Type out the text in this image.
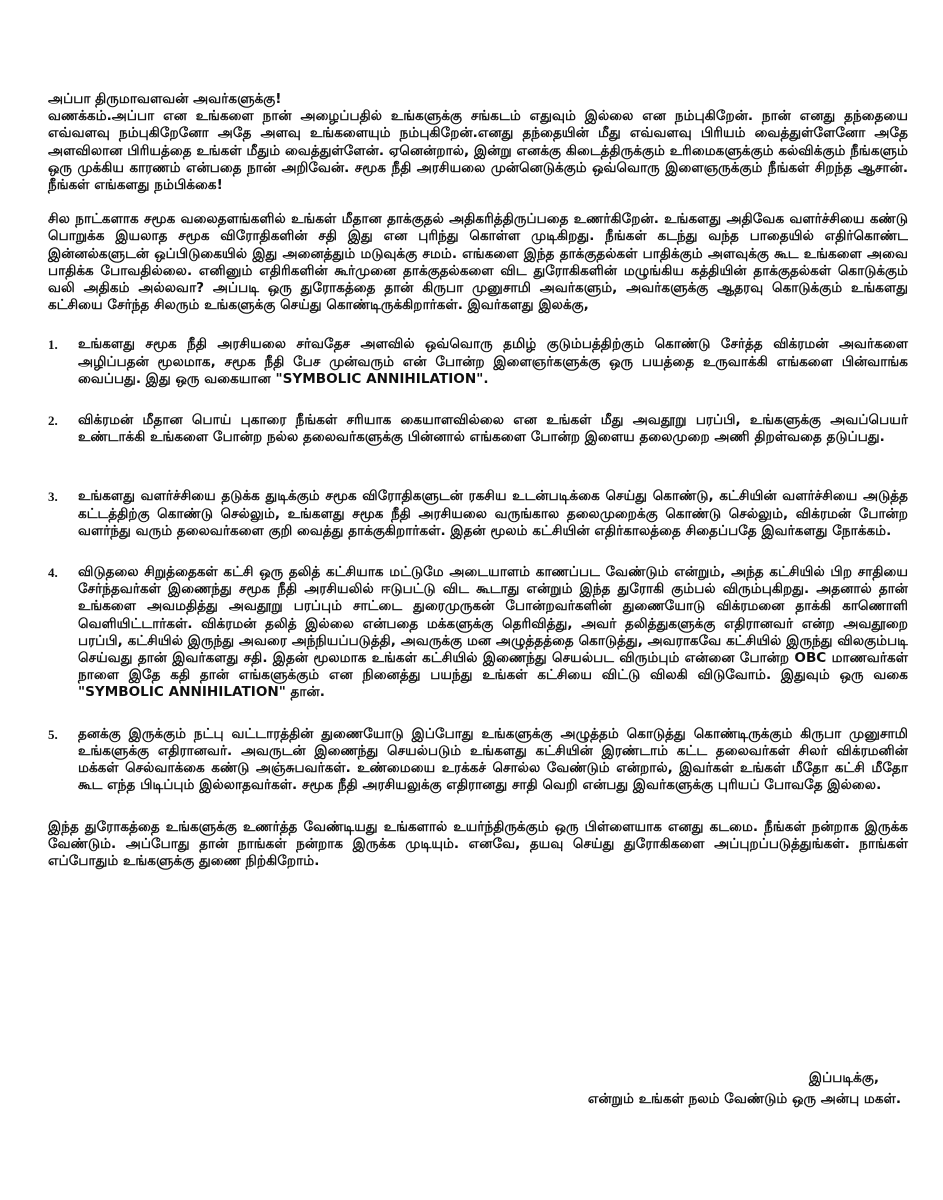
அப்பா திருமாவளவன் அவர்களுக்கு!

வணக்கம்.அப்பா என உங்களை நான் அழைப்பதில் உங்களுக்கு சங்கடம் எதுவும் இல்லை என நம்புகிறேன். நான் எனது தந்தையை எவ்வளவு நம்புகிறேனோ அதே அளவு உங்களையும் நம்புகிறேன்.எனது தந்தையின் மீது எவ்வளவு பிரியம் வைத்துள்ளேனோ அதே அளவிலான பிரியத்தை உங்கள் மீதும் வைத்துள்ளேன். ஏனென்றால், இன்று எனக்கு கிடைத்திருக்கும் உரிமைகளுக்கும் கல்விக்கும் நீங்களும் ஒரு முக்கிய காரணம் என்பதை நான் அறிவேன். சமூக நீதி அரசியலை முன்னெடுக்கும் ஒவ்வொரு இளைஞருக்கும் நீங்கள் சிறந்த ஆசான். நீங்கள் எங்களது நம்பிக்கை!

சில நாட்களாக சமூக வலைதளங்களில் உங்கள் மீதான தாக்குதல் அதிகரித்திருப்பதை உணர்கிறேன். உங்களது அதிவேக வளர்ச்சியை கண்டு பொறுக்க இயலாத சமூக விரோதிகளின் சதி இது என புரிந்து கொள்ள முடிகிறது. நீங்கள் கடந்து வந்த பாதையில் எதிர்கொண்ட இன்னல்களுடன் ஒப்பிடுகையில் இது அனைத்தும் மடுவுக்கு சமம். எங்களை இந்த தாக்குதல்கள் பாதிக்கும் அளவுக்கு கூட உங்களை அவை பாதிக்க போவதில்லை. எனினும் எதிரிகளின் கூர்முனை தாக்குதல்களை விட துரோகிகளின் மழுங்கிய கத்தியின் தாக்குதல்கள் கொடுக்கும் வலி அதிகம் அல்லவா? அப்படி ஒரு துரோகத்தை தான் கிருபா முனுசாமி அவர்களும், அவர்களுக்கு ஆதரவு கொடுக்கும் உங்களது கட்சியை சேர்ந்த சிலரும் உங்களுக்கு செய்து கொண்டிருக்கிறார்கள். இவர்களது இலக்கு,

1.	உங்களது சமூக நீதி அரசியலை சர்வதேச அளவில் ஒவ்வொரு தமிழ் குடும்பத்திற்கும் கொண்டு சேர்த்த விக்ரமன் அவர்களை அழிப்பதன் மூலமாக, சமூக நீதி பேச முன்வரும் என் போன்ற இளைஞர்களுக்கு ஒரு பயத்தை உருவாக்கி எங்களை பின்வாங்க வைப்பது. இது ஒரு வகையான "SYMBOLIC ANNIHILATION".

2.	விக்ரமன் மீதான பொய் புகாரை நீங்கள் சரியாக கையாளவில்லை என உங்கள் மீது அவதூறு பரப்பி, உங்களுக்கு அவப்பெயர் உண்டாக்கி உங்களை போன்ற நல்ல தலைவர்களுக்கு பின்னால் எங்களை போன்ற இளைய தலைமுறை அணி திறள்வதை தடுப்பது.

3.	உங்களது வளர்ச்சியை தடுக்க துடிக்கும் சமூக விரோதிகளுடன் ரகசிய உடன்படிக்கை செய்து கொண்டு, கட்சியின் வளர்ச்சியை அடுத்த கட்டத்திற்கு கொண்டு செல்லும், உங்களது சமூக நீதி அரசியலை வருங்கால தலைமுறைக்கு கொண்டு செல்லும், விக்ரமன் போன்ற வளர்ந்து வரும் தலைவர்களை குறி வைத்து தாக்குகிறார்கள். இதன் மூலம் கட்சியின் எதிர்காலத்தை சிதைப்பதே இவர்களது நோக்கம்.

4.	விடுதலை சிறுத்தைகள் கட்சி ஒரு தலித் கட்சியாக மட்டுமே அடையாளம் காணப்பட வேண்டும் என்றும், அந்த கட்சியில் பிற சாதியை சேர்ந்தவர்கள் இணைந்து சமூக நீதி அரசியலில் ஈடுபட்டு விட கூடாது என்றும் இந்த துரோகி கும்பல் விரும்புகிறது. அதனால் தான் உங்களை அவமதித்து அவதூறு பரப்பும் சாட்டை துரைமுருகன் போன்றவர்களின் துணையோடு விக்ரமனை தாக்கி காணொளி வெளியிட்டார்கள். விக்ரமன் தலித் இல்லை என்பதை மக்களுக்கு தெரிவித்து, அவர் தலித்துகளுக்கு எதிரானவர் என்ற அவதூறை பரப்பி, கட்சியில் இருந்து அவரை அந்நியப்படுத்தி, அவருக்கு மன அழுத்தத்தை கொடுத்து, அவராகவே கட்சியில் இருந்து விலகும்படி செய்வது தான் இவர்களது சதி. இதன் மூலமாக உங்கள் கட்சியில் இணைந்து செயல்பட விரும்பும் என்னை போன்ற OBC மாணவர்கள் நாளை இதே கதி தான் எங்களுக்கும் என நினைத்து பயந்து உங்கள் கட்சியை விட்டு விலகி விடுவோம். இதுவும் ஒரு வகை "SYMBOLIC ANNIHILATION" தான்.

5.	தனக்கு இருக்கும் நட்பு வட்டாரத்தின் துணையோடு இப்போது உங்களுக்கு அழுத்தம் கொடுத்து கொண்டிருக்கும் கிருபா முனுசாமி உங்களுக்கு எதிரானவர். அவருடன் இணைந்து செயல்படும் உங்களது கட்சியின் இரண்டாம் கட்ட தலைவர்கள் சிலர் விக்ரமனின் மக்கள் செல்வாக்கை கண்டு அஞ்சுபவர்கள். உண்மையை உரக்கச் சொல்ல வேண்டும் என்றால், இவர்கள் உங்கள் மீதோ கட்சி மீதோ கூட எந்த பிடிப்பும் இல்லாதவர்கள். சமூக நீதி அரசியலுக்கு எதிரானது சாதி வெறி என்பது இவர்களுக்கு புரியப் போவதே இல்லை.

இந்த துரோகத்தை உங்களுக்கு உணர்த்த வேண்டியது உங்களால் உயர்ந்திருக்கும் ஒரு பிள்ளையாக எனது கடமை. நீங்கள் நன்றாக இருக்க வேண்டும். அப்போது தான் நாங்கள் நன்றாக இருக்க முடியும். எனவே, தயவு செய்து துரோகிகளை அப்புறப்படுத்துங்கள். நாங்கள் எப்போதும் உங்களுக்கு துணை நிற்கிறோம்.

இப்படிக்கு,

என்றும் உங்கள் நலம் வேண்டும் ஒரு அன்பு மகள்.
